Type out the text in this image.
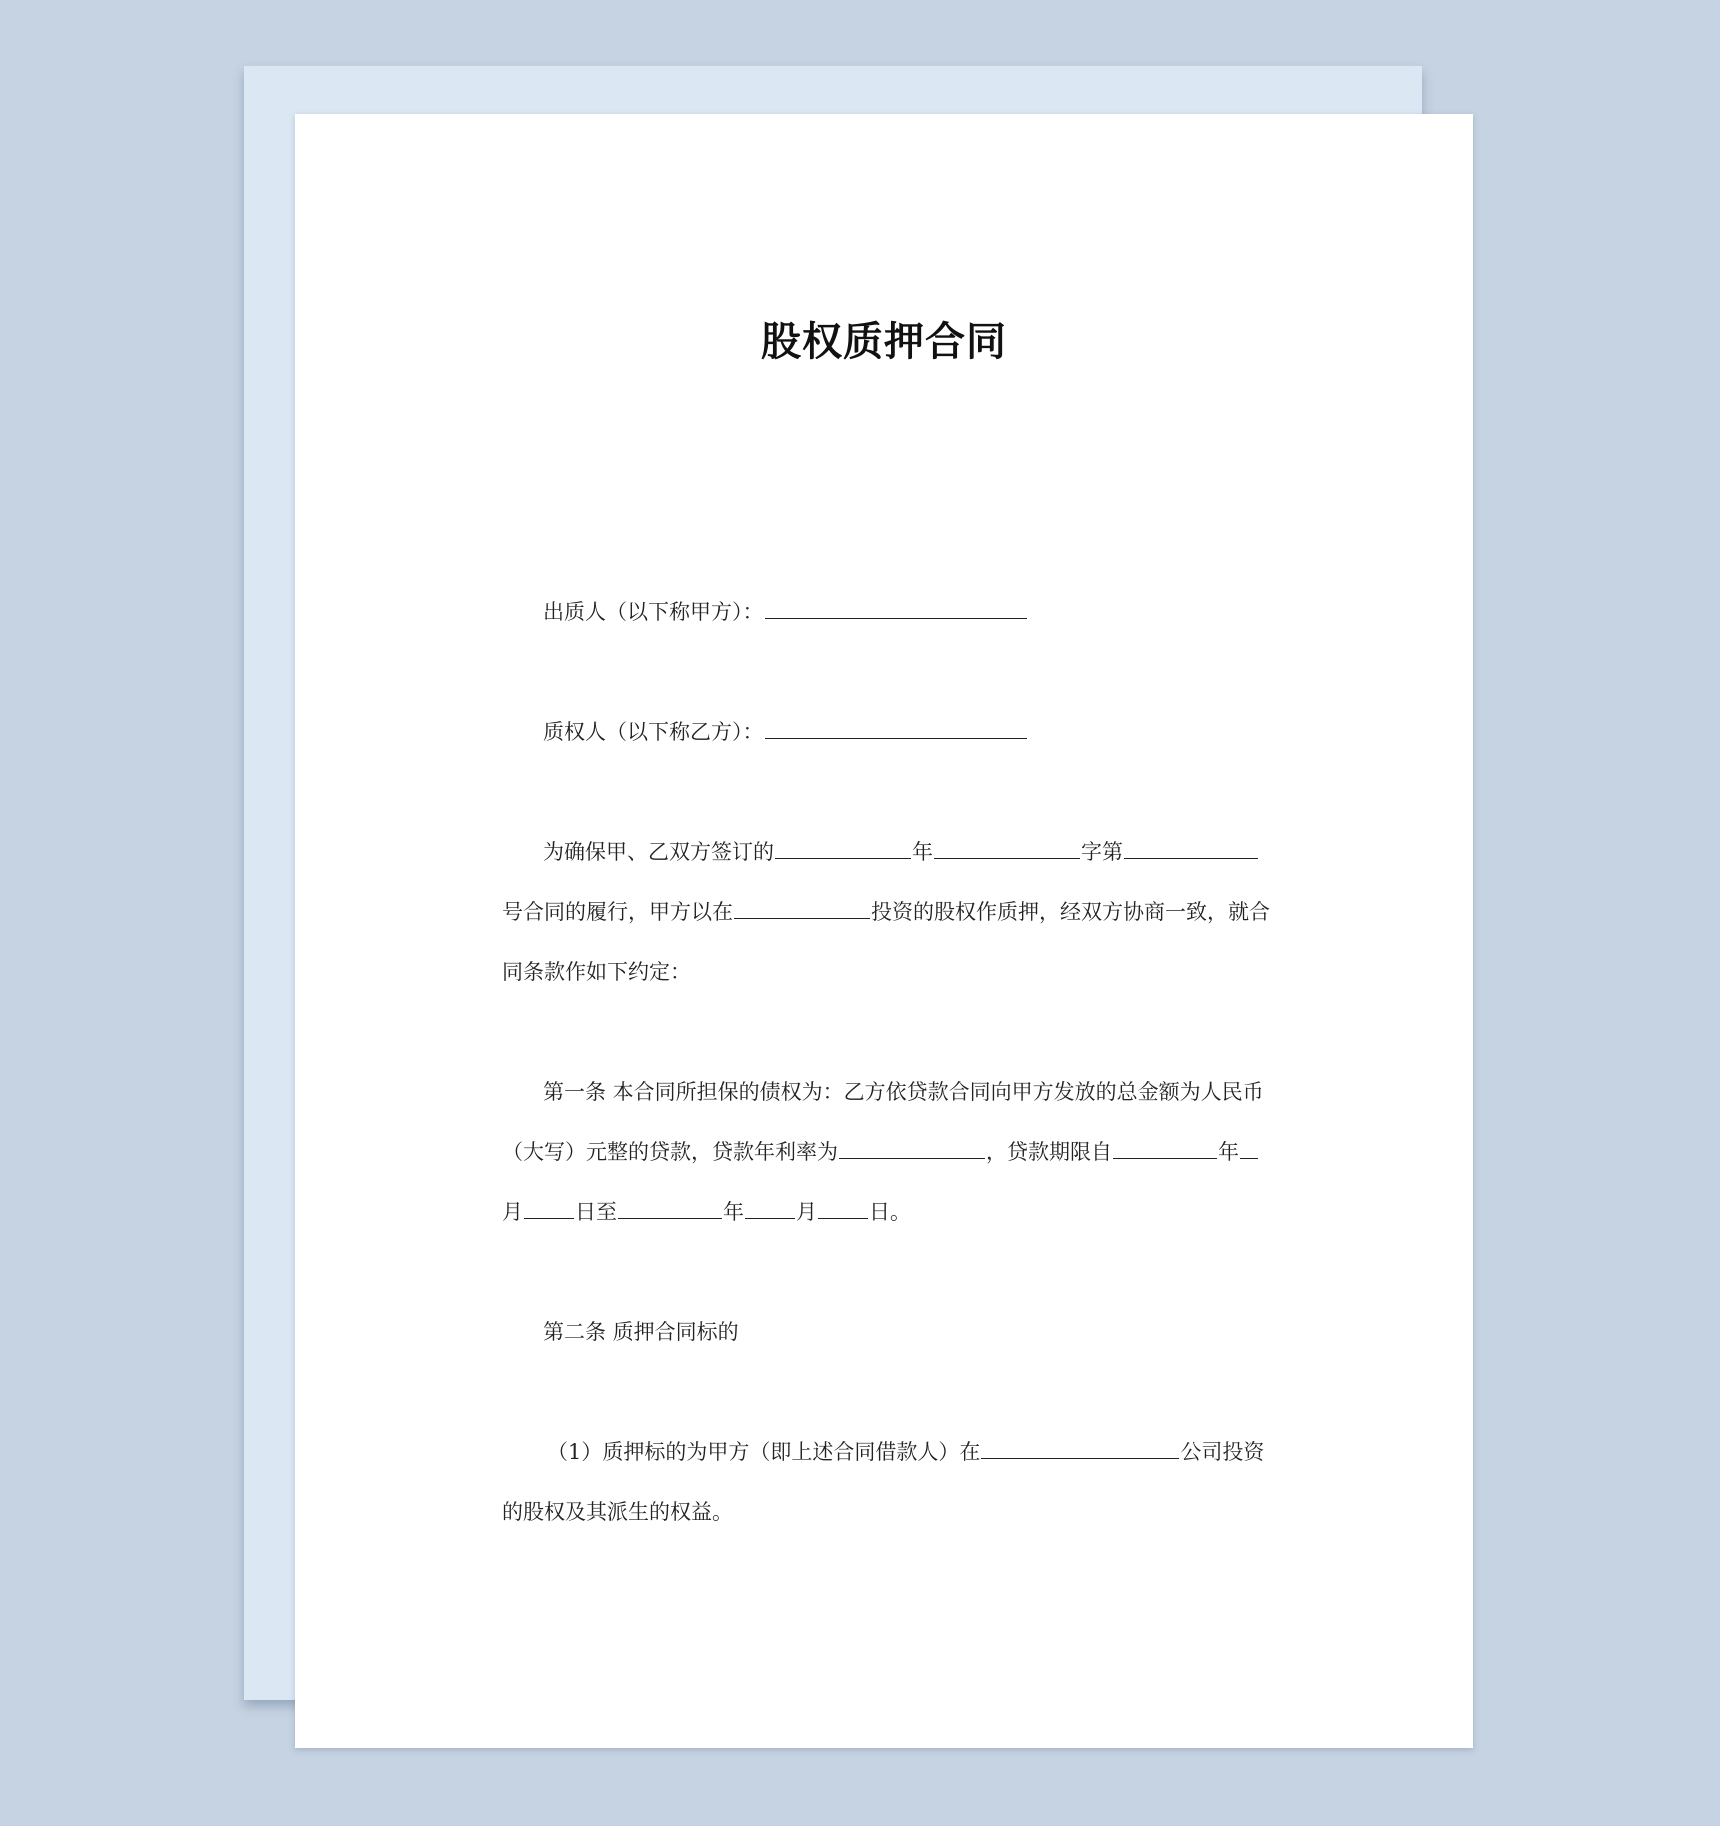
股权质押合同
出质人（以下称甲方）：
质权人（以下称乙方）：
为确保甲、乙双方签订的	年	字第
号合同的履行，甲方以在	投资的股权作质押，经双方协商一致，就合
同条款作如下约定：
第一条 本合同所担保的债权为：乙方依贷款合同向甲方发放的总金额为人民币
（大写）元整的贷款，贷款年利率为	，贷款期限自	年
月 日至	年 月 日。
第二条 质押合同标的
（1）质押标的为甲方（即上述合同借款人）在	公司投资
的股权及其派生的权益。
